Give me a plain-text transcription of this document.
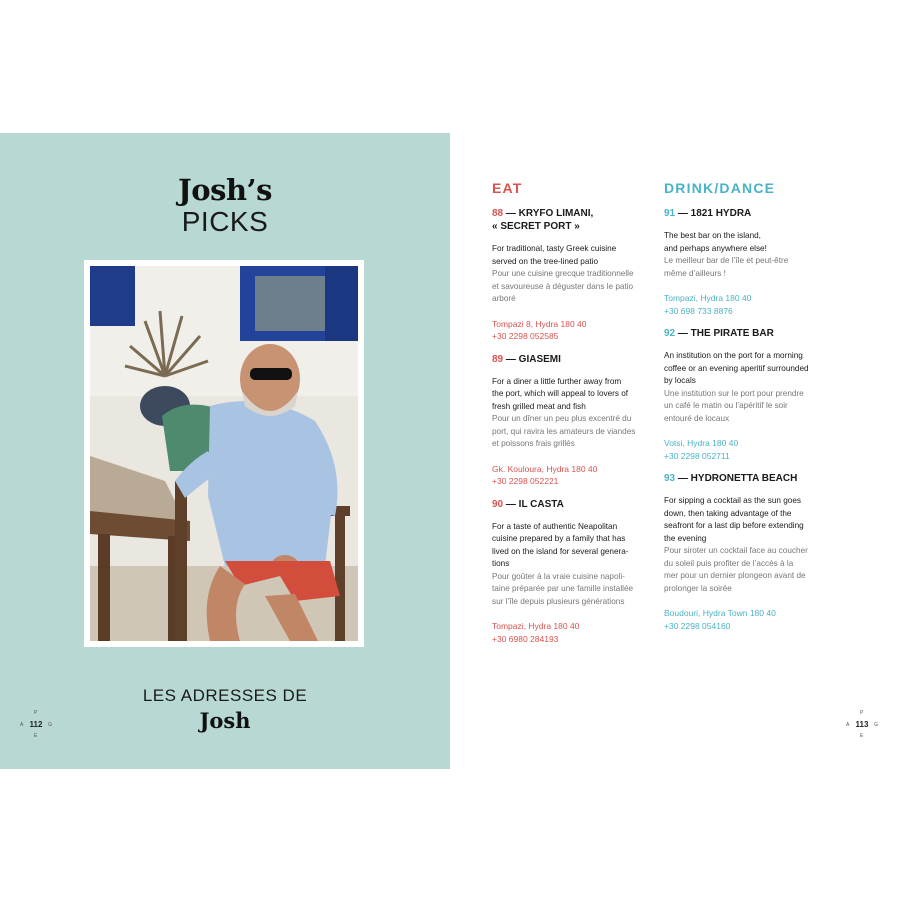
Josh’s
PICKS
LES ADRESSES DE
Josh
P
A 112	G
E
EAT
88 — KRYFO LIMANI,
« SECRET PORT »
For traditional, tasty Greek cuisine
served on the tree-lined patio
Pour une cuisine grecque traditionnelle
et savoureuse à déguster dans le patio
arboré
Tompazi 8, Hydra 180 40
+30 2298 052585
89 — GIASEMI
For a diner a little further away from
the port, which will appeal to lovers of
fresh grilled meat and fish
Pour un dîner un peu plus excentré du
port, qui ravira les amateurs de viandes
et poissons frais grillés
Gk. Kouloura, Hydra 180 40
+30 2298 052221
90 — IL CASTA
For a taste of authentic Neapolitan
cuisine prepared by a family that has
lived on the island for several genera-
tions
Pour goûter à la vraie cuisine napoli-
taine préparée par une famille installée
sur l’île depuis plusieurs générations
Tompazi, Hydra 180 40
+30 6980 284193
DRINK/DANCE
91 — 1821 HYDRA
The best bar on the island,
and perhaps anywhere else!
Le meilleur bar de l’île et peut-être
même d’ailleurs !
Tompazi, Hydra 180 40
+30 698 733 8876
92 — THE PIRATE BAR
An institution on the port for a morning
coffee or an evening aperitif surrounded
by locals
Une institution sur le port pour prendre
un café le matin ou l’apéritif le soir
entouré de locaux
Votsi, Hydra 180 40
+30 2298 052711
93 — HYDRONETTA BEACH
For sipping a cocktail as the sun goes
down, then taking advantage of the
seafront for a last dip before extending
the evening
Pour siroter un cocktail face au coucher
du soleil puis profiter de l’accès à la
mer pour un dernier plongeon avant de
prolonger la soirée
Boudouri, Hydra Town 180 40
+30 2298 054160
P
A 113	G
E
